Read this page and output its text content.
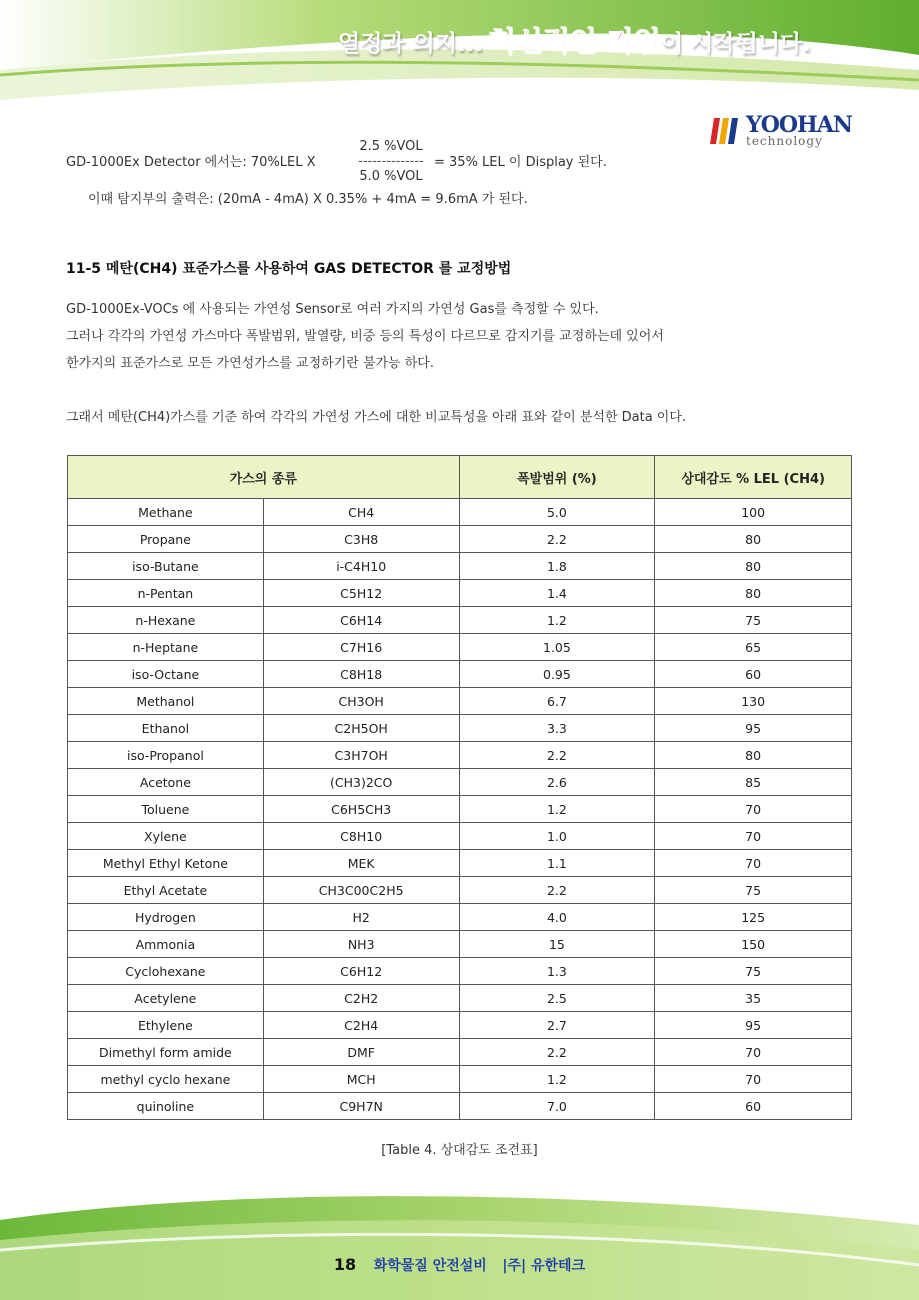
열정과 의지... 혁신적인 기업이 시작됩니다.
YOOHAN
technology
GD-1000Ex Detector 에서는: 70%LEL X
2.5 %VOL
--------------
5.0 %VOL
= 35% LEL 이 Display 된다.
이때 탐지부의 출력은: (20mA - 4mA) X 0.35% + 4mA = 9.6mA 가 된다.
11-5 메탄(CH4) 표준가스를 사용하여 GAS DETECTOR 를 교정방법
GD-1000Ex-VOCs 에 사용되는 가연성 Sensor로 여러 가지의 가연성 Gas를 측정할 수 있다.
그러나 각각의 가연성 가스마다 폭발범위, 발열량, 비중 등의 특성이 다르므로 감지기를 교정하는데 있어서
한가지의 표준가스로 모든 가연성가스를 교정하기란 불가능 하다.
그래서 메탄(CH4)가스를 기준 하여 각각의 가연성 가스에 대한 비교특성을 아래 표와 같이 분석한 Data 이다.
가스의 종류		폭발범위 (%)	상대감도 % LEL (CH4)
Methane	CH4	5.0	100
Propane	C3H8	2.2	80
iso-Butane	i-C4H10	1.8	80
n-Pentan	C5H12	1.4	80
n-Hexane	C6H14	1.2	75
n-Heptane	C7H16	1.05	65
iso-Octane	C8H18	0.95	60
Methanol	CH3OH	6.7	130
Ethanol	C2H5OH	3.3	95
iso-Propanol	C3H7OH	2.2	80
Acetone	(CH3)2CO	2.6	85
Toluene	C6H5CH3	1.2	70
Xylene	C8H10	1.0	70
Methyl Ethyl Ketone	MEK	1.1	70
Ethyl Acetate	CH3C00C2H5	2.2	75
Hydrogen	H2	4.0	125
Ammonia	NH3	15	150
Cyclohexane	C6H12	1.3	75
Acetylene	C2H2	2.5	35
Ethylene	C2H4	2.7	95
Dimethyl form amide	DMF	2.2	70
methyl cyclo hexane	MCH	1.2	70
quinoline	C9H7N	7.0	60
[Table 4. 상대감도 조견표]
18 화학물질 안전설비 |주| 유한테크
